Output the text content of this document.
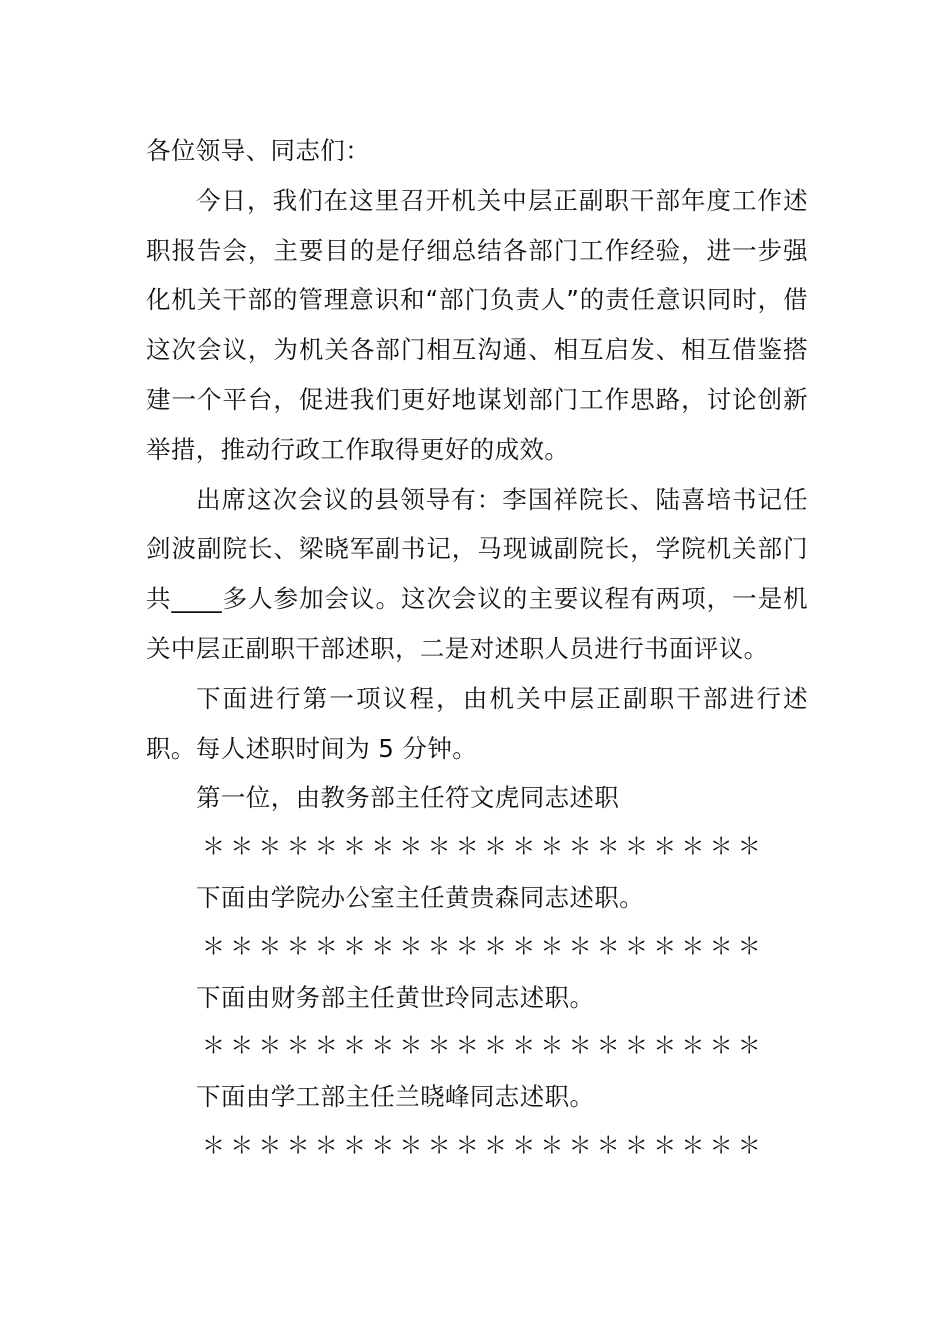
各位领导、同志们：

今日，我们在这里召开机关中层正副职干部年度工作述职报告会，主要目的是仔细总结各部门工作经验，进一步强化机关干部的管理意识和“部门负责人”的责任意识同时，借这次会议，为机关各部门相互沟通、相互启发、相互借鉴搭建一个平台，促进我们更好地谋划部门工作思路，讨论创新举措，推动行政工作取得更好的成效。

出席这次会议的县领导有：李国祥院长、陆喜培书记任剑波副院长、梁晓军副书记，马现诚副院长，学院机关部门共____多人参加会议。这次会议的主要议程有两项，一是机关中层正副职干部述职，二是对述职人员进行书面评议。

下面进行第一项议程，由机关中层正副职干部进行述职。每人述职时间为 5 分钟。

第一位，由教务部主任符文虎同志述职

＊＊＊＊＊＊＊＊＊＊＊＊＊＊＊＊＊＊＊＊

下面由学院办公室主任黄贵森同志述职。

＊＊＊＊＊＊＊＊＊＊＊＊＊＊＊＊＊＊＊＊

下面由财务部主任黄世玲同志述职。

＊＊＊＊＊＊＊＊＊＊＊＊＊＊＊＊＊＊＊＊

下面由学工部主任兰晓峰同志述职。

＊＊＊＊＊＊＊＊＊＊＊＊＊＊＊＊＊＊＊＊
